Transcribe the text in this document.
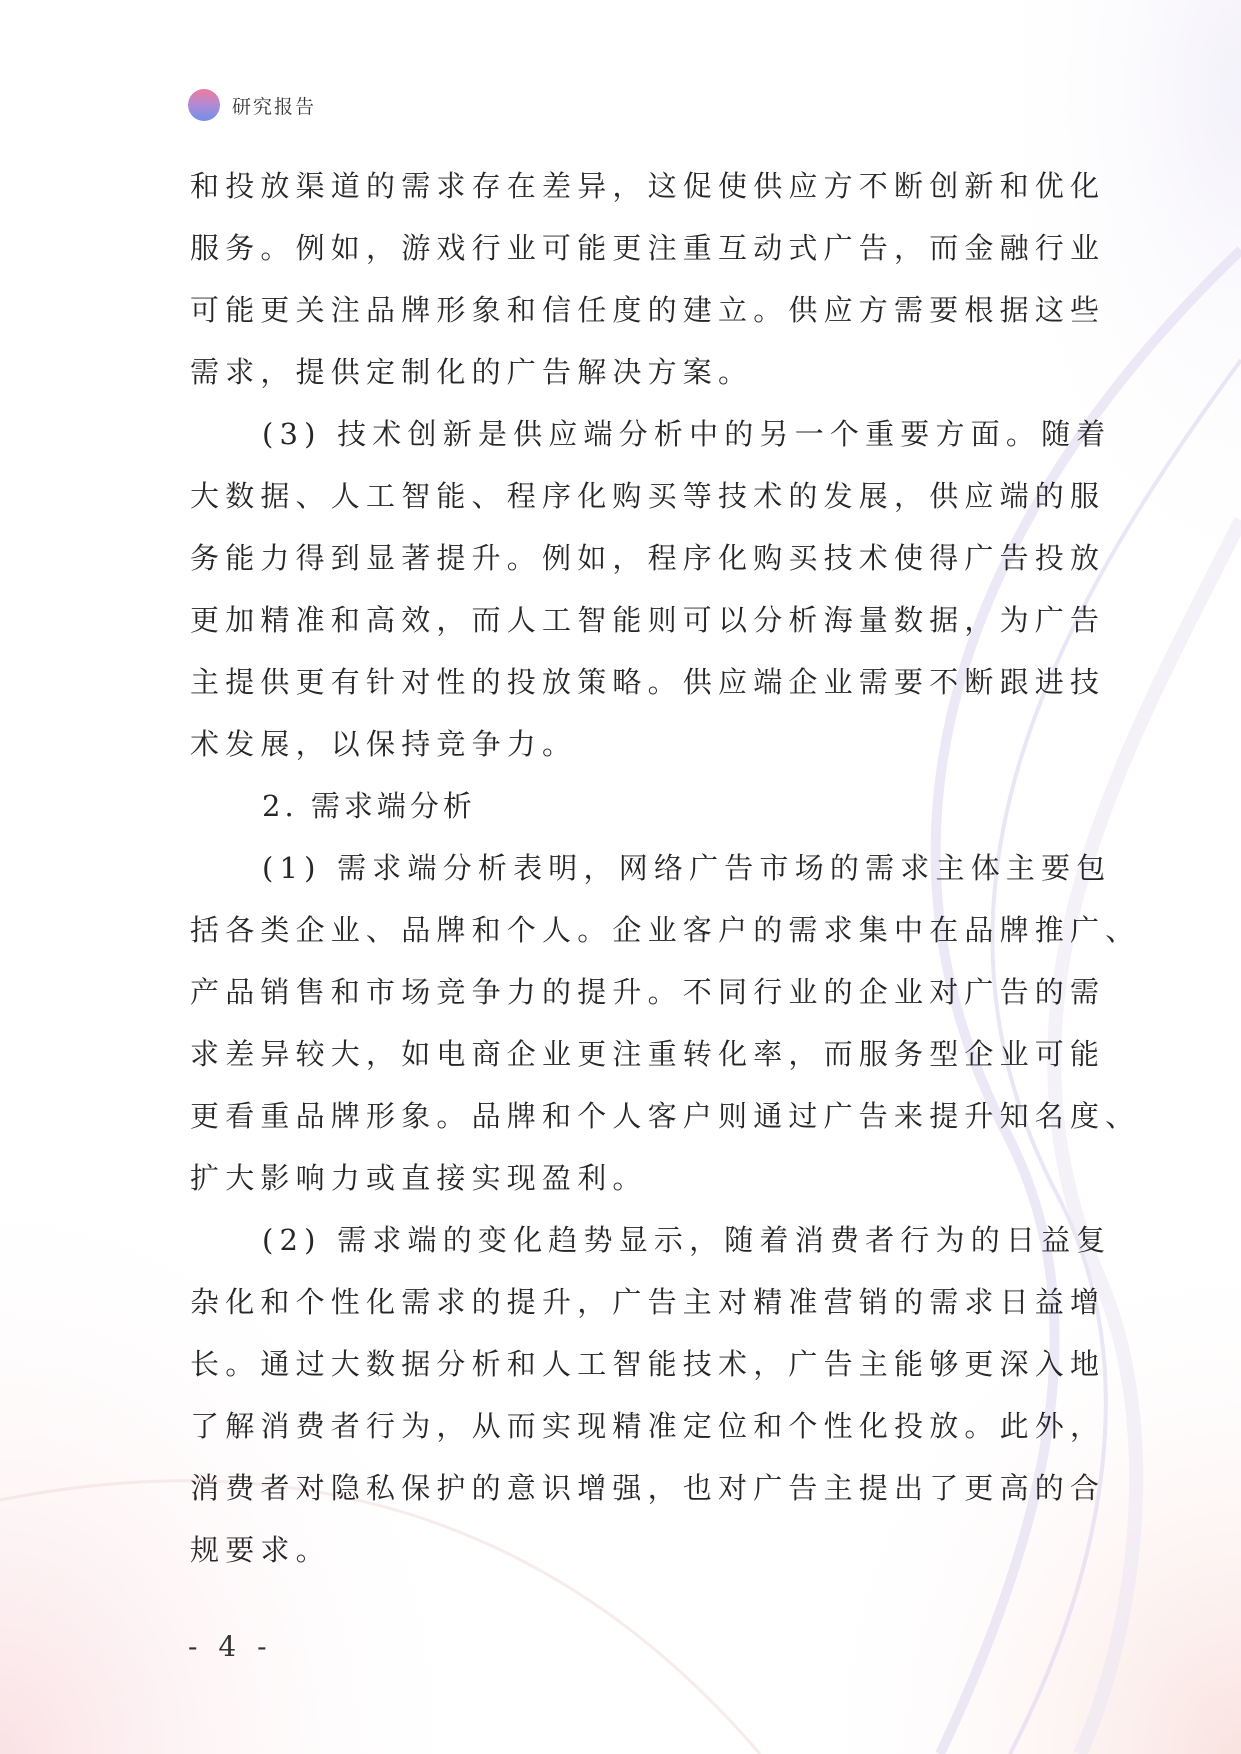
研究报告
和投放渠道的需求存在差异，这促使供应方不断创新和优化
服务。例如，游戏行业可能更注重互动式广告，而金融行业
可能更关注品牌形象和信任度的建立。供应方需要根据这些
需求，提供定制化的广告解决方案。
(3) 技术创新是供应端分析中的另一个重要方面。随着
大数据、人工智能、程序化购买等技术的发展，供应端的服
务能力得到显著提升。例如，程序化购买技术使得广告投放
更加精准和高效，而人工智能则可以分析海量数据，为广告
主提供更有针对性的投放策略。供应端企业需要不断跟进技
术发展，以保持竞争力。
2. 需求端分析
(1) 需求端分析表明，网络广告市场的需求主体主要包
括各类企业、品牌和个人。企业客户的需求集中在品牌推广、
产品销售和市场竞争力的提升。不同行业的企业对广告的需
求差异较大，如电商企业更注重转化率，而服务型企业可能
更看重品牌形象。品牌和个人客户则通过广告来提升知名度、
扩大影响力或直接实现盈利。
(2) 需求端的变化趋势显示，随着消费者行为的日益复
杂化和个性化需求的提升，广告主对精准营销的需求日益增
长。通过大数据分析和人工智能技术，广告主能够更深入地
了解消费者行为，从而实现精准定位和个性化投放。此外，
消费者对隐私保护的意识增强，也对广告主提出了更高的合
规要求。
- 4 -
